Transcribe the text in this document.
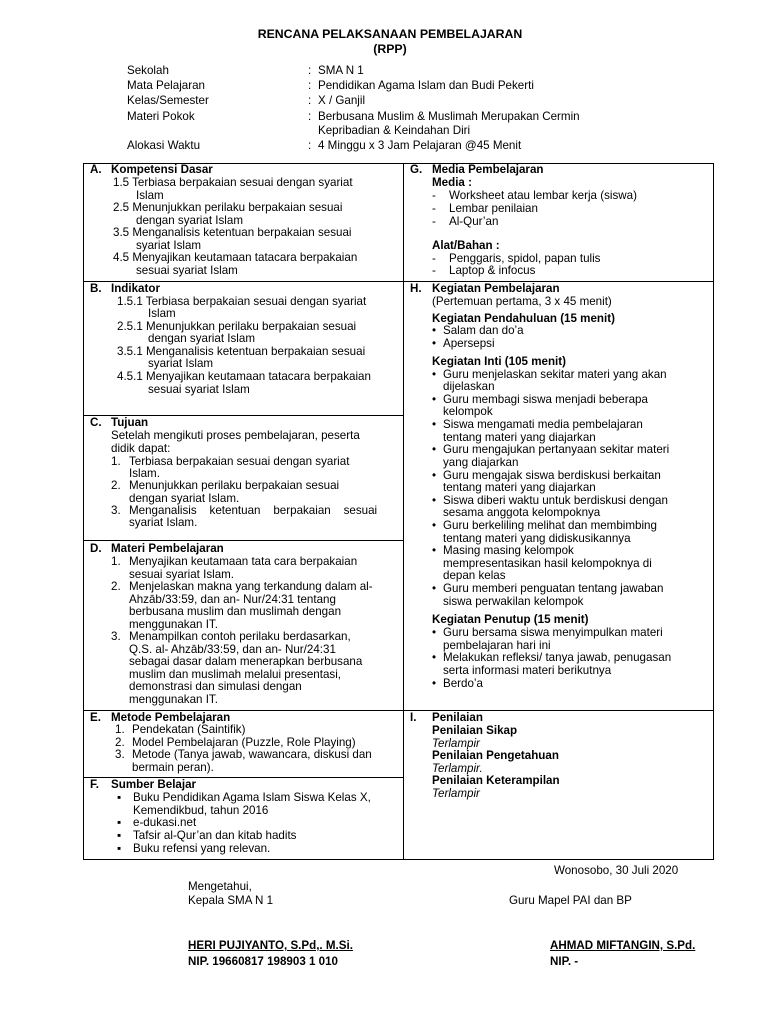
RENCANA PELAKSANAAN PEMBELAJARAN
(RPP)
Sekolah	: SMA N 1
Mata Pelajaran	: Pendidikan Agama Islam dan Budi Pekerti
Kelas/Semester	: X / Ganjil
Materi Pokok	: Berbusana Muslim & Muslimah Merupakan Cermin
Kepribadian & Keindahan Diri
Alokasi Waktu	: 4 Minggu x 3 Jam Pelajaran @45 Menit
A. Kompetensi Dasar
1.5 Terbiasa berpakaian sesuai dengan syariat
Islam
2.5 Menunjukkan perilaku berpakaian sesuai
dengan syariat Islam
3.5 Menganalisis ketentuan berpakaian sesuai
syariat Islam
4.5 Menyajikan keutamaan tatacara berpakaian
sesuai syariat Islam
B. Indikator
1.5.1 Terbiasa berpakaian sesuai dengan syariat
Islam
2.5.1 Menunjukkan perilaku berpakaian sesuai
dengan syariat Islam
3.5.1 Menganalisis ketentuan berpakaian sesuai
syariat Islam
4.5.1 Menyajikan keutamaan tatacara berpakaian
sesuai syariat Islam
C. Tujuan
Setelah mengikuti proses pembelajaran, peserta
didik dapat:
1. Terbiasa berpakaian sesuai dengan syariat
Islam.
2. Menunjukkan perilaku berpakaian sesuai
dengan syariat Islam.
3. Menganalisis    ketentuan    berpakaian    sesuai
syariat Islam.
D. Materi Pembelajaran
1. Menyajikan keutamaan tata cara berpakaian
sesuai syariat Islam.
2. Menjelaskan makna yang terkandung dalam al-
Ahzāb/33:59, dan an- Nur/24:31 tentang
berbusana muslim dan muslimah dengan
menggunakan IT.
3. Menampilkan contoh perilaku berdasarkan,
Q.S. al- Ahzāb/33:59, dan an- Nur/24:31
sebagai dasar dalam menerapkan berbusana
muslim dan muslimah melalui presentasi,
demonstrasi dan simulasi dengan
menggunakan IT.
E. Metode Pembelajaran
1. Pendekatan (Saintifik)
2. Model Pembelajaran (Puzzle, Role Playing)
3. Metode (Tanya jawab, wawancara, diskusi dan
bermain peran).
F. Sumber Belajar
▪ Buku Pendidikan Agama Islam Siswa Kelas X,
Kemendikbud, tahun 2016
▪ e-dukasi.net
▪ Tafsir al-Qur’an dan kitab hadits
▪ Buku refensi yang relevan.
G. Media Pembelajaran
Media :
- Worksheet atau lembar kerja (siswa)
- Lembar penilaian
- Al-Qur’an
Alat/Bahan :
- Penggaris, spidol, papan tulis
- Laptop & infocus
H. Kegiatan Pembelajaran
(Pertemuan pertama, 3 x 45 menit)
Kegiatan Pendahuluan (15 menit)
• Salam dan do’a
• Apersepsi
Kegiatan Inti (105 menit)
• Guru menjelaskan sekitar materi yang akan
dijelaskan
• Guru membagi siswa menjadi beberapa
kelompok
• Siswa mengamati media pembelajaran
tentang materi yang diajarkan
• Guru mengajukan pertanyaan sekitar materi
yang diajarkan
• Guru mengajak siswa berdiskusi berkaitan
tentang materi yang diajarkan
• Siswa diberi waktu untuk berdiskusi dengan
sesama anggota kelompoknya
• Guru berkeliling melihat dan membimbing
tentang materi yang didiskusikannya
• Masing masing kelompok
mempresentasikan hasil kelompoknya di
depan kelas
• Guru memberi penguatan tentang jawaban
siswa perwakilan kelompok
Kegiatan Penutup (15 menit)
• Guru bersama siswa menyimpulkan materi
pembelajaran hari ini
• Melakukan refleksi/ tanya jawab, penugasan
serta informasi materi berikutnya
• Berdo’a
I. Penilaian
Penilaian Sikap
Terlampir
Penilaian Pengetahuan
Terlampir.
Penilaian Keterampilan
Terlampir
Wonosobo, 30 Juli 2020
Mengetahui,
Kepala SMA N 1	Guru Mapel PAI dan BP
HERI PUJIYANTO, S.Pd,. M.Si.
NIP. 19660817 198903 1 010
AHMAD MIFTANGIN, S.Pd.
NIP. -
